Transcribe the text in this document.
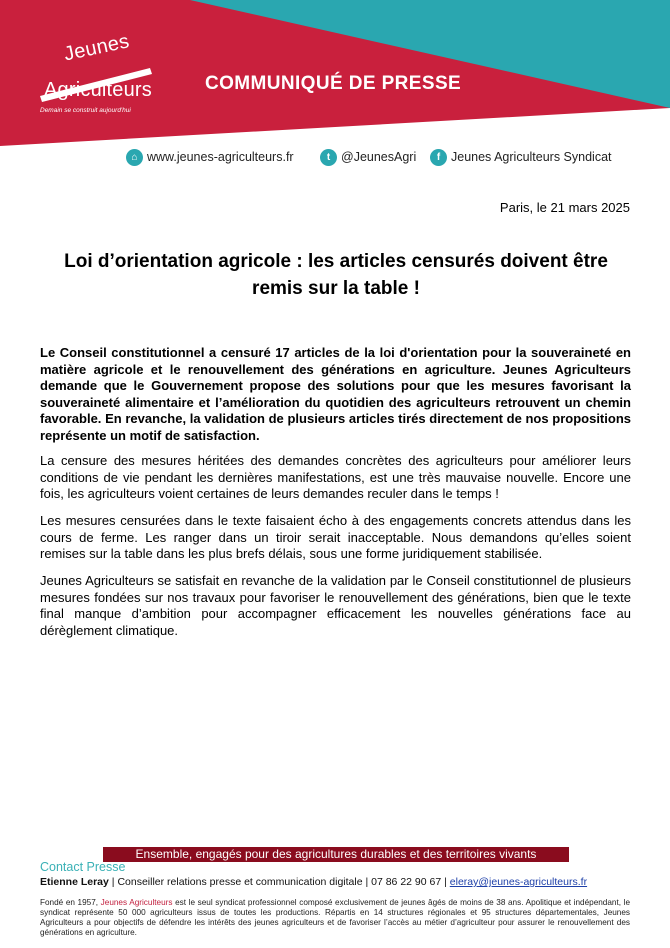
Jeunes
Agriculteurs
Demain se construit aujourd'hui
COMMUNIQUÉ DE PRESSE
⌂ www.jeunes-agriculteurs.fr	t @JeunesAgri	f Jeunes Agriculteurs Syndicat
Paris, le 21 mars 2025
Loi d’orientation agricole : les articles censurés doivent être
remis sur la table !
Le Conseil constitutionnel a censuré 17 articles de la loi d'orientation pour la souveraineté en matière agricole et le renouvellement des générations en agriculture. Jeunes Agriculteurs demande que le Gouvernement propose des solutions pour que les mesures favorisant la souveraineté alimentaire et l’amélioration du quotidien des agriculteurs retrouvent un chemin favorable. En revanche, la validation de plusieurs articles tirés directement de nos propositions représente un motif de satisfaction.
La censure des mesures héritées des demandes concrètes des agriculteurs pour améliorer leurs conditions de vie pendant les dernières manifestations, est une très mauvaise nouvelle. Encore une fois, les agriculteurs voient certaines de leurs demandes reculer dans le temps !
Les mesures censurées dans le texte faisaient écho à des engagements concrets attendus dans les cours de ferme. Les ranger dans un tiroir serait inacceptable. Nous demandons qu’elles soient remises sur la table dans les plus brefs délais, sous une forme juridiquement stabilisée.
Jeunes Agriculteurs se satisfait en revanche de la validation par le Conseil constitutionnel de plusieurs mesures fondées sur nos travaux pour favoriser le renouvellement des générations, bien que le texte final manque d’ambition pour accompagner efficacement les nouvelles générations face au dérèglement climatique.
Ensemble, engagés pour des agricultures durables et des territoires vivants
Contact Presse
Etienne Leray | Conseiller relations presse et communication digitale | 07 86 22 90 67 | eleray@jeunes-agriculteurs.fr
Fondé en 1957, Jeunes Agriculteurs est le seul syndicat professionnel composé exclusivement de jeunes âgés de moins de 38 ans. Apolitique et indépendant, le syndicat représente 50 000 agriculteurs issus de toutes les productions. Répartis en 14 structures régionales et 95 structures départementales, Jeunes Agriculteurs a pour objectifs de défendre les intérêts des jeunes agriculteurs et de favoriser l’accès au métier d’agriculteur pour assurer le renouvellement des générations en agriculture.
